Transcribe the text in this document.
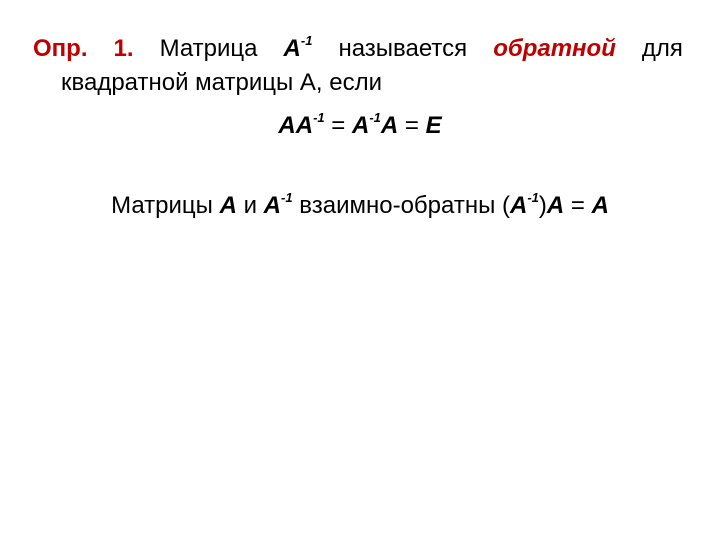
Опр. 1. Матрица $A^{-1}$ называется обратной для
квадратной матрицы А, если
$AA^{-1} = A^{-1}A = E$
Матрицы A и $A^{-1}$ взаимно-обратны $(A^{-1})A = A$
